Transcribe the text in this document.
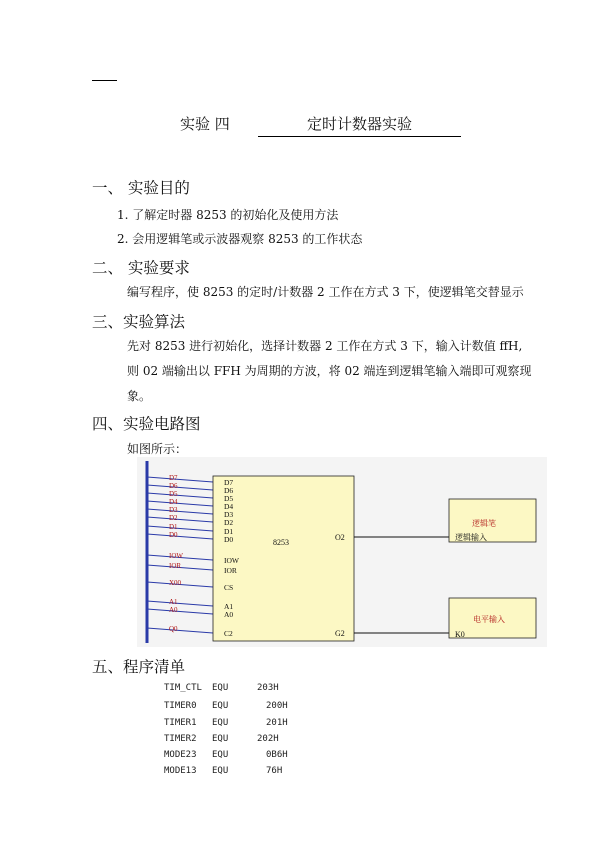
实验 四	定时计数器实验
一、 实验目的
1. 了解定时器 8253 的初始化及使用方法
2. 会用逻辑笔或示波器观察 8253 的工作状态
二、 实验要求
编写程序，使 8253 的定时/计数器 2 工作在方式 3 下，使逻辑笔交替显示
三、实验算法
先对 8253 进行初始化，选择计数器 2 工作在方式 3 下，输入计数值 ffH,
则 02 端输出以 FFH 为周期的方波，将 02 端连到逻辑笔输入端即可观察现
象。
四、实验电路图
如图所示：
D7
D6
D5
D4
D3
D2
D1
D0
IOW
IOR
X00
A1
A0
Q0
8253
D7
D6
D5
D4
D3
D2
D1
D0
IOW
IOR
CS
A1
A0
C2
O2
G2
逻辑笔
逻辑输入
电平输入
K0
五、程序清单
TIM_CTL EQU	203H
TIMER0 EQU	200H
TIMER1 EQU	201H
TIMER2 EQU	202H
MODE23 EQU	0B6H
MODE13 EQU	76H
